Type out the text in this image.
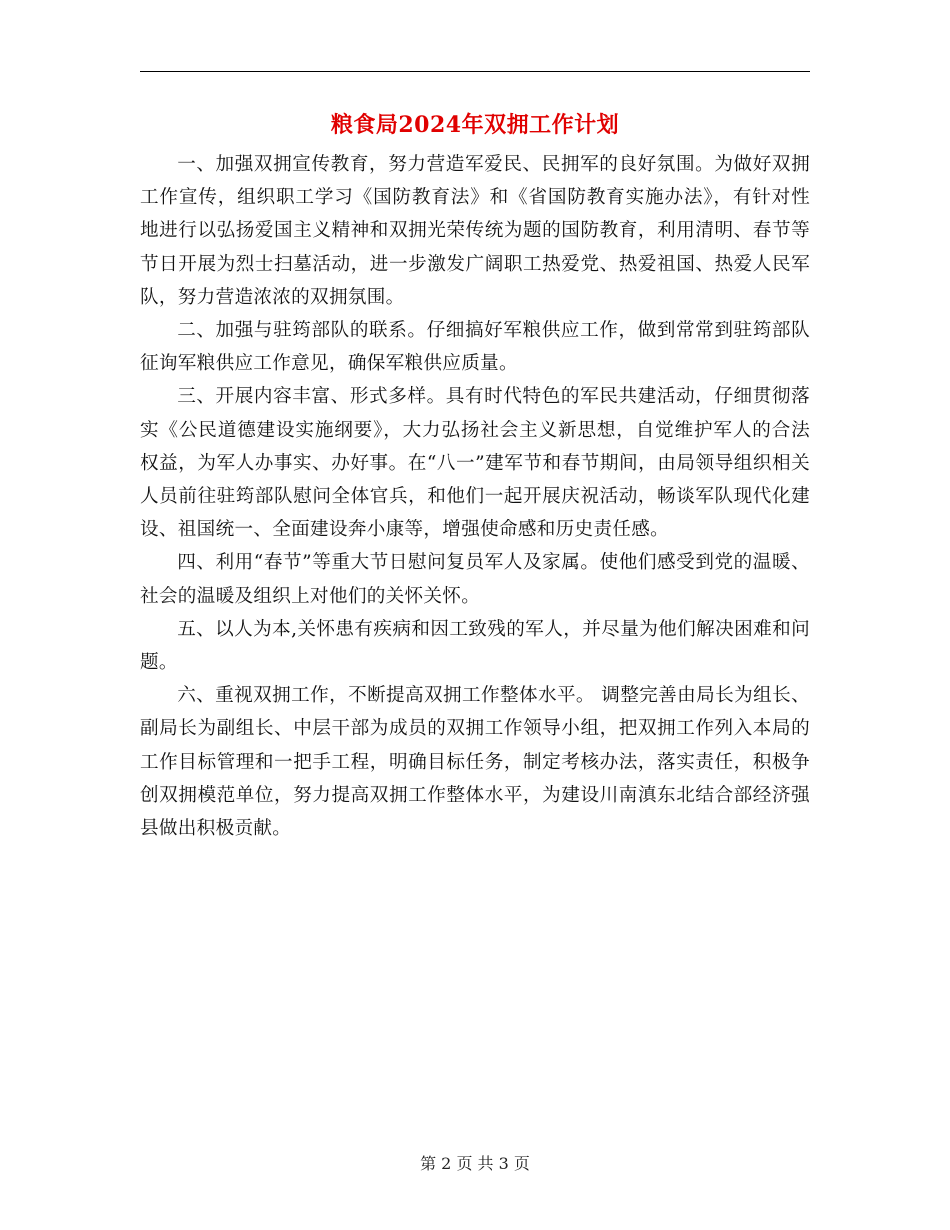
粮食局2024年双拥工作计划

一、加强双拥宣传教育，努力营造军爱民、民拥军的良好氛围。为做好双拥工作宣传，组织职工学习《国防教育法》和《省国防教育实施办法》，有针对性地进行以弘扬爱国主义精神和双拥光荣传统为题的国防教育，利用清明、春节等节日开展为烈士扫墓活动，进一步激发广阔职工热爱党、热爱祖国、热爱人民军队，努力营造浓浓的双拥氛围。

二、加强与驻筠部队的联系。仔细搞好军粮供应工作，做到常常到驻筠部队征询军粮供应工作意见，确保军粮供应质量。

三、开展内容丰富、形式多样。具有时代特色的军民共建活动，仔细贯彻落实《公民道德建设实施纲要》，大力弘扬社会主义新思想，自觉维护军人的合法权益，为军人办事实、办好事。在“八一”建军节和春节期间，由局领导组织相关人员前往驻筠部队慰问全体官兵，和他们一起开展庆祝活动，畅谈军队现代化建设、祖国统一、全面建设奔小康等，增强使命感和历史责任感。

四、利用“春节”等重大节日慰问复员军人及家属。使他们感受到党的温暖、社会的温暖及组织上对他们的关怀关怀。

五、以人为本,关怀患有疾病和因工致残的军人，并尽量为他们解决困难和问题。

六、重视双拥工作，不断提高双拥工作整体水平。 调整完善由局长为组长、副局长为副组长、中层干部为成员的双拥工作领导小组，把双拥工作列入本局的工作目标管理和一把手工程，明确目标任务，制定考核办法，落实责任，积极争创双拥模范单位，努力提高双拥工作整体水平，为建设川南滇东北结合部经济强县做出积极贡献。

第 2 页 共 3 页
